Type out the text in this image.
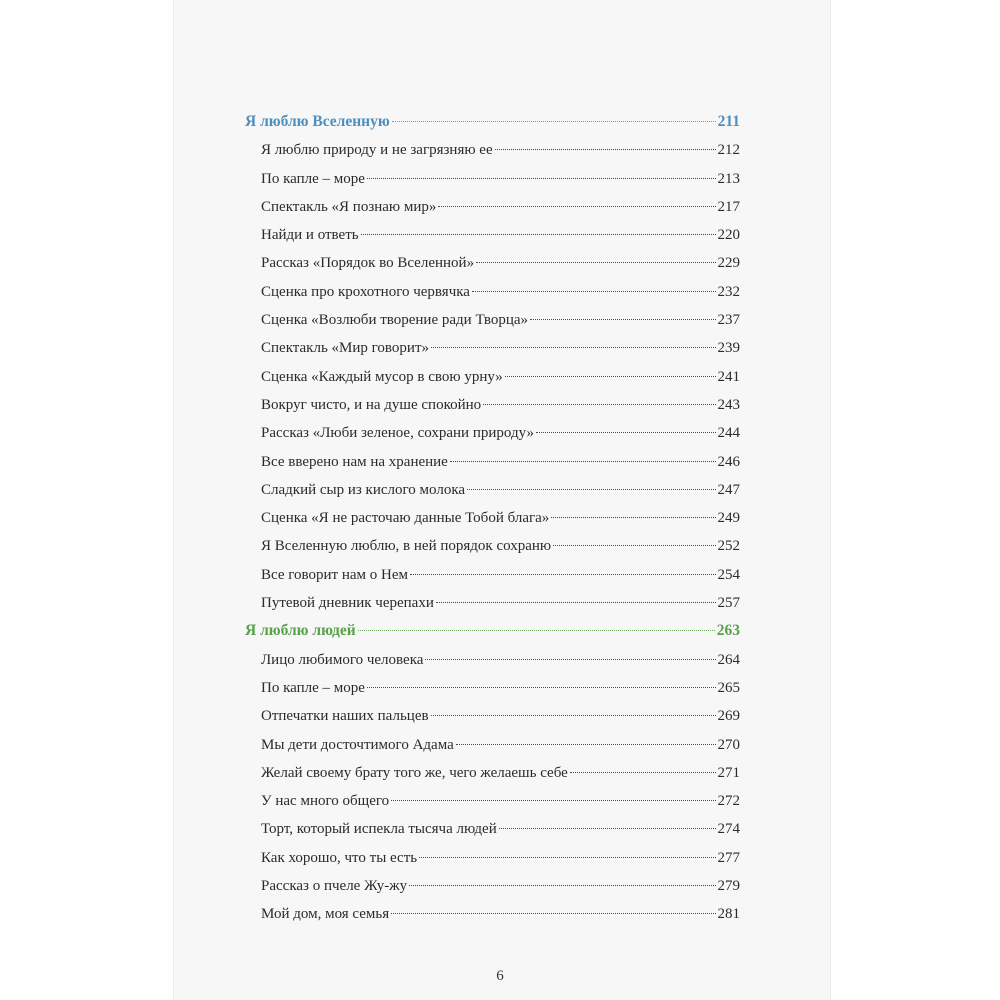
Я люблю Вселенную	211
Я люблю природу и не загрязняю ее	212
По капле – море	213
Спектакль «Я познаю мир»	217
Найди и ответь	220
Рассказ «Порядок во Вселенной»	229
Сценка про крохотного червячка	232
Сценка «Возлюби творение ради Творца»	237
Спектакль «Мир говорит»	239
Сценка «Каждый мусор в свою урну»	241
Вокруг чисто, и на душе спокойно	243
Рассказ «Люби зеленое, сохрани природу»	244
Все вверено нам на хранение	246
Сладкий сыр из кислого молока	247
Сценка «Я не расточаю данные Тобой блага»	249
Я Вселенную люблю, в ней порядок сохраню	252
Все говорит нам о Нем	254
Путевой дневник черепахи	257
Я люблю людей	263
Лицо любимого человека	264
По капле – море	265
Отпечатки наших пальцев	269
Мы дети досточтимого Адама	270
Желай своему брату того же, чего желаешь себе	271
У нас много общего	272
Торт, который испекла тысяча людей	274
Как хорошо, что ты есть	277
Рассказ о пчеле Жу-жу	279
Мой дом, моя семья	281
6
